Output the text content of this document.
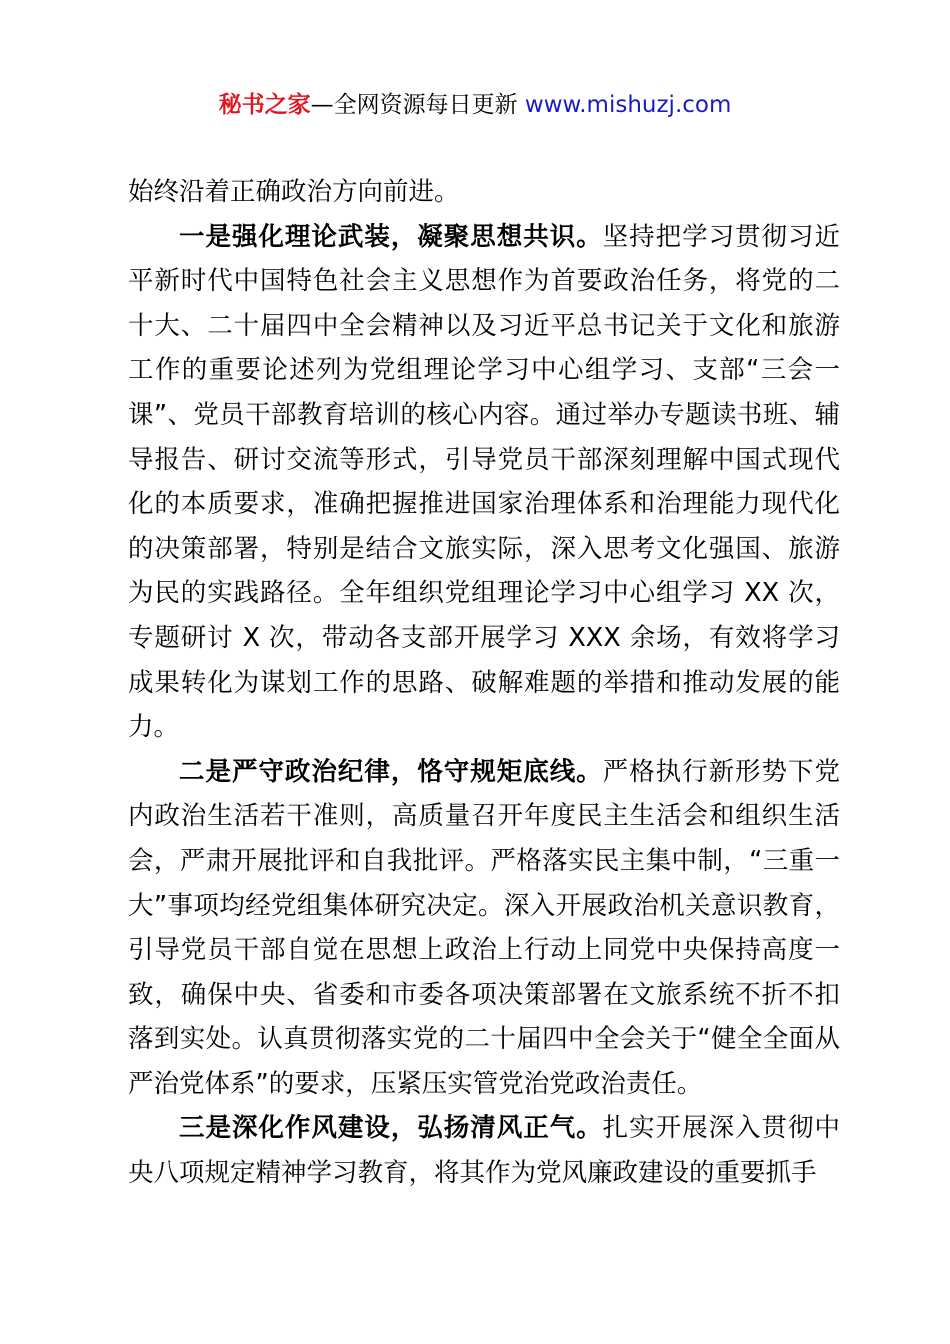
秘书之家—全网资源每日更新 www.mishuzj.com

始终沿着正确政治方向前进。

一是强化理论武装，凝聚思想共识。坚持把学习贯彻习近平新时代中国特色社会主义思想作为首要政治任务，将党的二十大、二十届四中全会精神以及习近平总书记关于文化和旅游工作的重要论述列为党组理论学习中心组学习、支部“三会一课”、党员干部教育培训的核心内容。通过举办专题读书班、辅导报告、研讨交流等形式，引导党员干部深刻理解中国式现代化的本质要求，准确把握推进国家治理体系和治理能力现代化的决策部署，特别是结合文旅实际，深入思考文化强国、旅游为民的实践路径。全年组织党组理论学习中心组学习 XX 次，专题研讨 X 次，带动各支部开展学习 XXX 余场，有效将学习成果转化为谋划工作的思路、破解难题的举措和推动发展的能力。

二是严守政治纪律，恪守规矩底线。严格执行新形势下党内政治生活若干准则，高质量召开年度民主生活会和组织生活会，严肃开展批评和自我批评。严格落实民主集中制，“三重一大”事项均经党组集体研究决定。深入开展政治机关意识教育，引导党员干部自觉在思想上政治上行动上同党中央保持高度一致，确保中央、省委和市委各项决策部署在文旅系统不折不扣落到实处。认真贯彻落实党的二十届四中全会关于“健全全面从严治党体系”的要求，压紧压实管党治党政治责任。

三是深化作风建设，弘扬清风正气。扎实开展深入贯彻中央八项规定精神学习教育，将其作为党风廉政建设的重要抓手
